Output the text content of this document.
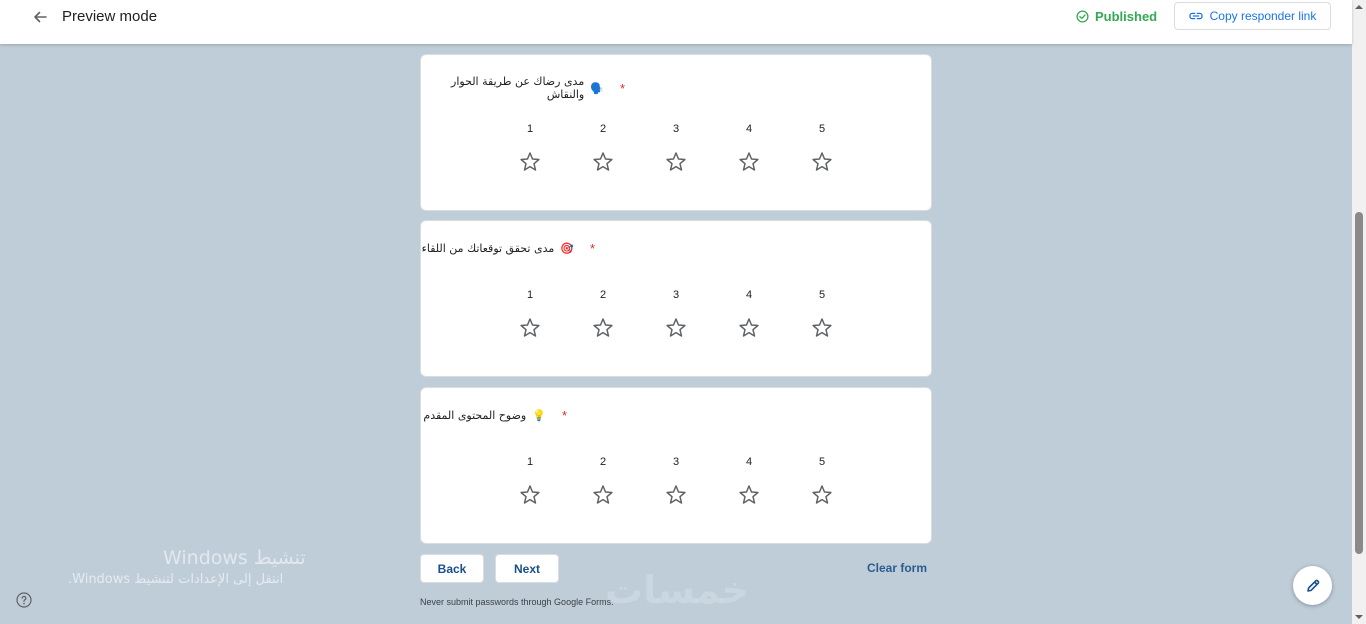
Preview mode	Published	Copy responder link
*
🗣️
مدى رضاك عن طريقة الحوار والنقاش
1	2	3	4	5
*
🎯
مدى تحقق توقعاتك من اللقاء
1	2	3	4	5
*
💡
وضوح المحتوى المقدم
1	2	3	4	5
Back	Next	Clear form
Never submit passwords through Google Forms.
خمسات
تنشيط Windows
انتقل إلى الإعدادات لتنشيط Windows.
